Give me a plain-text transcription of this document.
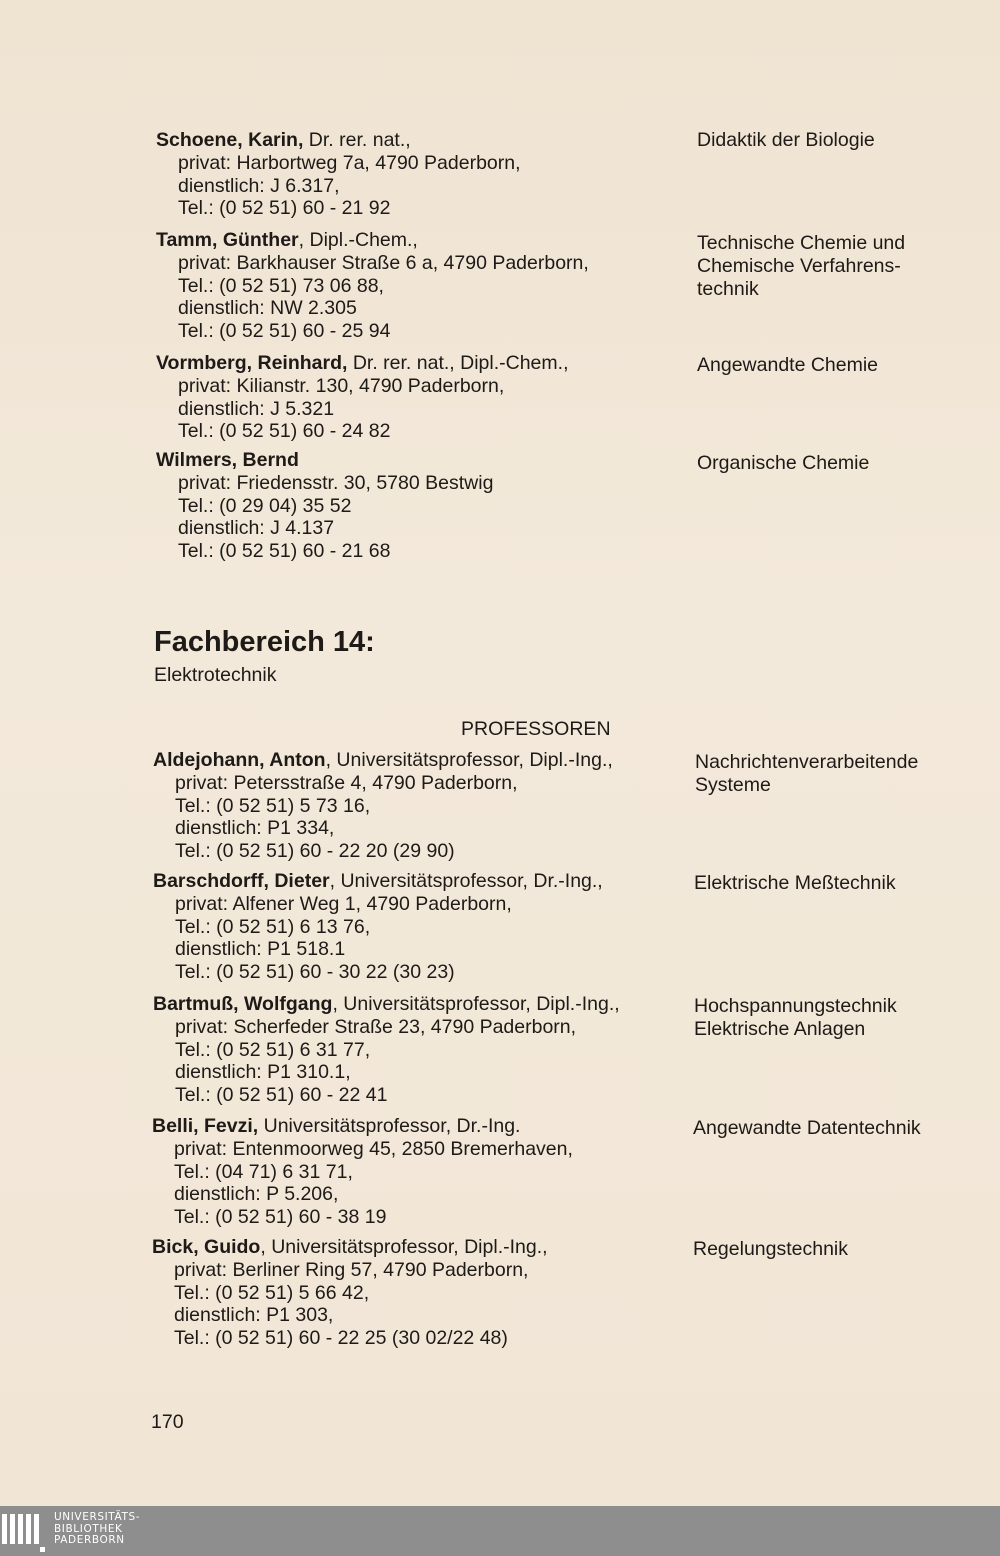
Schoene, Karin, Dr. rer. nat.,
privat: Harbortweg 7a, 4790 Paderborn,
dienstlich: J 6.317,
Tel.: (0 52 51) 60 - 21 92
Didaktik der Biologie
Tamm, Günther, Dipl.-Chem.,
privat: Barkhauser Straße 6 a, 4790 Paderborn,
Tel.: (0 52 51) 73 06 88,
dienstlich: NW 2.305
Tel.: (0 52 51) 60 - 25 94
Technische Chemie und
Chemische Verfahrens-
technik
Vormberg, Reinhard, Dr. rer. nat., Dipl.-Chem.,
privat: Kilianstr. 130, 4790 Paderborn,
dienstlich: J 5.321
Tel.: (0 52 51) 60 - 24 82
Angewandte Chemie
Wilmers, Bernd
privat: Friedensstr. 30, 5780 Bestwig
Tel.: (0 29 04) 35 52
dienstlich: J 4.137
Tel.: (0 52 51) 60 - 21 68
Organische Chemie
Fachbereich 14:
Elektrotechnik
PROFESSOREN
Aldejohann, Anton, Universitätsprofessor, Dipl.-Ing.,
privat: Petersstraße 4, 4790 Paderborn,
Tel.: (0 52 51) 5 73 16,
dienstlich: P1 334,
Tel.: (0 52 51) 60 - 22 20 (29 90)
Nachrichtenverarbeitende
Systeme
Barschdorff, Dieter, Universitätsprofessor, Dr.-Ing.,
privat: Alfener Weg 1, 4790 Paderborn,
Tel.: (0 52 51) 6 13 76,
dienstlich: P1 518.1
Tel.: (0 52 51) 60 - 30 22 (30 23)
Elektrische Meßtechnik
Bartmuß, Wolfgang, Universitätsprofessor, Dipl.-Ing.,
privat: Scherfeder Straße 23, 4790 Paderborn,
Tel.: (0 52 51) 6 31 77,
dienstlich: P1 310.1,
Tel.: (0 52 51) 60 - 22 41
Hochspannungstechnik
Elektrische Anlagen
Belli, Fevzi, Universitätsprofessor, Dr.-Ing.
privat: Entenmoorweg 45, 2850 Bremerhaven,
Tel.: (04 71) 6 31 71,
dienstlich: P 5.206,
Tel.: (0 52 51) 60 - 38 19
Angewandte Datentechnik
Bick, Guido, Universitätsprofessor, Dipl.-Ing.,
privat: Berliner Ring 57, 4790 Paderborn,
Tel.: (0 52 51) 5 66 42,
dienstlich: P1 303,
Tel.: (0 52 51) 60 - 22 25 (30 02/22 48)
Regelungstechnik
170
UNIVERSITÄTS-
BIBLIOTHEK
PADERBORN
